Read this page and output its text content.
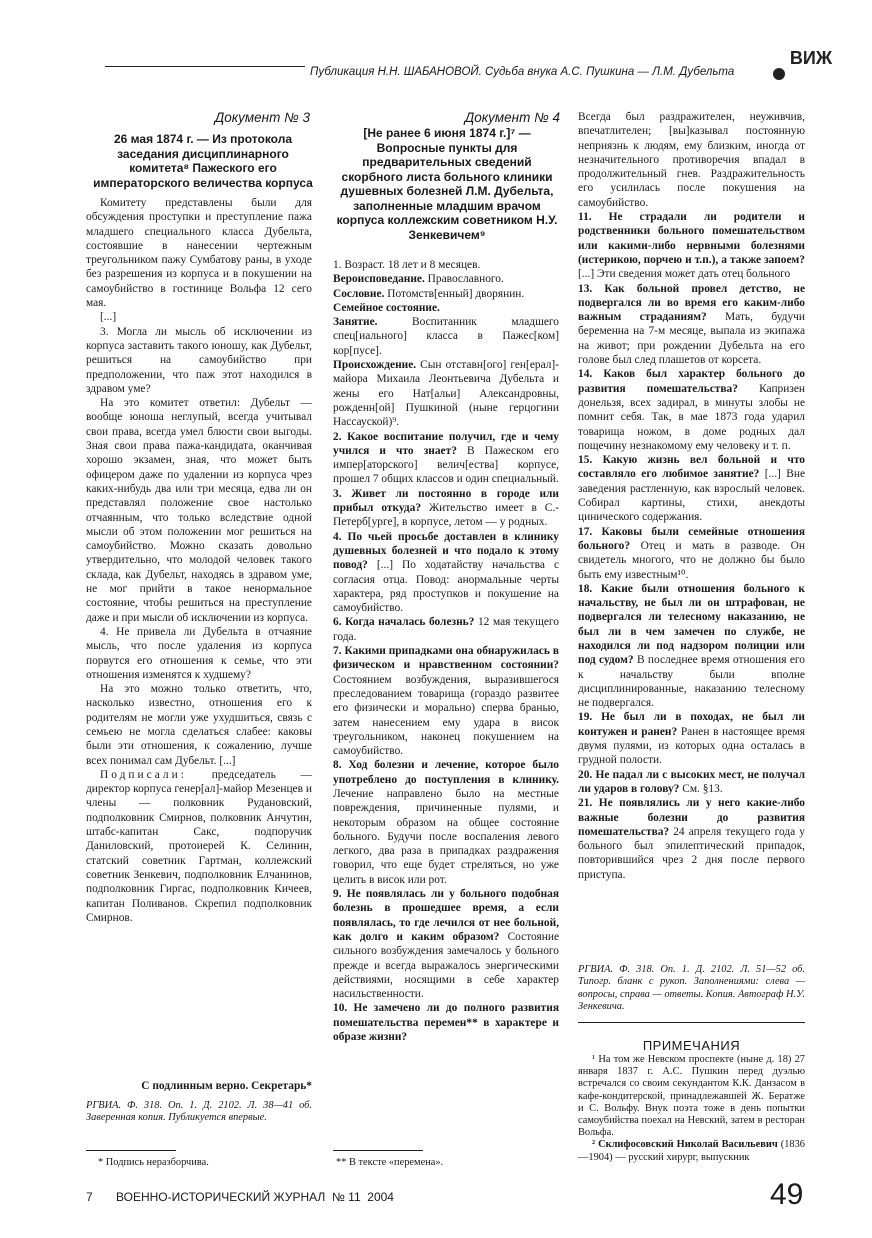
Публикация Н.Н. ШАБАНОВОЙ. Судьба внука А.С. Пушкина — Л.М. Дубельта
ВИЖ
Документ № 3
26 мая 1874 г. — Из протокола заседания дисциплинарного комитета⁸ Пажеского его императорского величества корпуса

Комитету представлены были для обсуждения проступки и преступление пажа младшего специального класса Дубельта, состоявшие в нанесении чертежным треугольником пажу Сумбатову раны, в уходе без разрешения из корпуса и в покушении на самоубийство в гостинице Вольфа 12 сего мая.

[...]

3. Могла ли мысль об исключении из корпуса заставить такого юношу, как Дубельт, решиться на самоубийство при предположении, что паж этот находился в здравом уме?

На это комитет ответил: Дубельт — вообще юноша неглупый, всегда учитывал свои права, всегда умел блюсти свои выгоды. Зная свои права пажа-кандидата, оканчивая хорошо экзамен, зная, что может быть офицером даже по удалении из корпуса чрез каких-нибудь два или три месяца, едва ли он представлял положение свое настолько отчаянным, что только вследствие одной мысли об этом положении мог решиться на самоубийство. Можно сказать довольно утвердительно, что молодой человек такого склада, как Дубельт, находясь в здравом уме, не мог прийти в такое ненормальное состояние, чтобы решиться на преступление даже и при мысли об исключении из корпуса.

4. Не привела ли Дубельта в отчаяние мысль, что после удаления из корпуса порвутся его отношения к семье, что эти отношения изменятся к худшему?

На это можно только ответить, что, насколько известно, отношения его к родителям не могли уже ухудшиться, связь с семьею не могла сделаться слабее: каковы были эти отношения, к сожалению, лучше всех понимал сам Дубельт. [...]

Подписали: председатель — директор корпуса генер[ал]-майор Мезенцев и члены — полковник Рудановский, подполковник Смирнов, полковник Анчутин, штабс-капитан Сакс, подпоручик Даниловский, протоиерей К. Селинин, статский советник Гартман, коллежский советник Зенкевич, подполковник Елчанинов, подполковник Гиргас, подполковник Кичеев, капитан Поливанов. Скрепил подполковник Смирнов.

С подлинным верно. Секретарь*
РГВИА. Ф. 318. Оп. 1. Д. 2102. Л. 38—41 об. Заверенная копия. Публикуется впервые.
* Подпись неразборчива.
Документ № 4
[Не ранее 6 июня 1874 г.]⁷ — Вопросные пункты для предварительных сведений скорбного листа больного клиники душевных болезней Л.М. Дубельта, заполненные младшим врачом корпуса коллежским советником Н.У. Зенкевичем⁹

1. Возраст. 18 лет и 8 месяцев.

Вероисповедание. Православного.

Сословие. Потомств[енный] дворянин.

Семейное состояние.

Занятие. Воспитанник младшего спец[иального] класса в Пажес[ком] кор[пусе].

Происхождение. Сын отставн[ого] ген[ерал]-майора Михаила Леонтьевича Дубельта и жены его Нат[альи] Александровны, рожденн[ой] Пушкиной (нынe герцогини Нассауской)⁹.

2. Какое воспитание получил, где и чему учился и что знает? В Пажеском его импер[аторского] велич[ества] корпусе, прошел 7 общих классов и один специальный.

3. Живет ли постоянно в городе или прибыл откуда? Жительство имеет в С.-Петерб[урге], в корпусе, летом — у родных.

4. По чьей просьбе доставлен в клинику душевных болезней и что подало к этому повод? [...] По ходатайству начальства с согласия отца. Повод: анормальные черты характера, ряд проступков и покушение на самоубийство.

6. Когда началась болезнь? 12 мая текущего года.

7. Какими припадками она обнаружилась в физическом и нравственном состоянии? Состоянием возбуждения, выразившегося преследованием товарища (гораздо развитее его физически и морально) сперва бранью, затем нанесением ему удара в висок треугольником, наконец покушением на самоубийство.

8. Ход болезни и лечение, которое было употреблено до поступления в клинику. Лечение направлено было на местные повреждения, причиненные пулями, и некоторым образом на общее состояние больного. Будучи после воспаления левого легкого, два раза в припадках раздражения говорил, что еще будет стреляться, но уже целить в висок или рот.

9. Не появлялась ли у больного подобная болезнь в прошедшее время, а если появлялась, то где лечился от нее больной, как долго и каким образом? Состояние сильного возбуждения замечалось у больного прежде и всегда выражалось энергическими действиями, носящими в себе характер насильственности.

10. Не замечено ли до полного развития помешательства перемен** в характере и образе жизни?

** В тексте «перемена».

Всегда был раздражителен, неуживчив, впечатлителен; [вы]казывал постоянную неприязнь к людям, ему близким, иногда от незначительного противоречия впадал в продолжительный гнев. Раздражительность его усилилась после покушения на самоубийство.

11. Не страдали ли родители и родственники больного помешательством или какими-либо нервными болезнями (истерикою, порчею и т.п.), а также запоем? [...] Эти сведения может дать отец больного

13. Как больной провел детство, не подвергался ли во время его каким-либо важным страданиям? Мать, будучи беременна на 7-м месяце, выпала из экипажа на живот; при рождении Дубельта на его голове был след плашетов от корсета.

14. Каков был характер больного до развития помешательства? Капризен донельзя, всех задирал, в минуты злобы не помнит себя. Так, в мае 1873 года ударил товарища ножом, в доме родных дал пощечину незнакомому ему человеку и т. п.

15. Какую жизнь вел больной и что составляло его любимое занятие? [...] Вне заведения растленную, как взрослый человек. Собирал картины, стихи, анекдоты цинического содержания.

17. Каковы были семейные отношения больного? Отец и мать в разводе. Он свидетель многого, что не должно бы было быть ему известным¹⁰.

18. Какие были отношения больного к начальству, не был ли он штрафован, не подвергался ли телесному наказанию, не был ли в чем замечен по службе, не находился ли под надзором полиции или под судом? В последнее время отношения его к начальству были вполне дисциплинированные, наказанию телесному не подвергался.

19. Не был ли в походах, не был ли контужен и ранен? Ранен в настоящее время двумя пулями, из которых одна осталась в грудной полости.

20. Не падал ли с высоких мест, не получал ли ударов в голову? См. §13.

21. Не появлялись ли у него какие-либо важные болезни до развития помешательства? 24 апреля текущего года у больного был эпилептический припадок, повторившийся чрез 2 дня после первого приступа.

РГВИА. Ф. 318. Оп. 1. Д. 2102. Л. 51—52 об. Типогр. бланк с рукоп. Заполнениями: слева — вопросы, справа — ответы. Копия. Автограф Н.У. Зенкевича.
ПРИМЕЧАНИЯ

¹ На том же Невском проспекте (ныне д. 18) 27 января 1837 г. А.С. Пушкин перед дуэлью встречался со своим секундантом К.К. Данзасом в кафе-кондитерской, принадлежавшей Ж. Бератже и С. Вольфу. Внук поэта тоже в день попытки самоубийства поехал на Невский, затем в ресторан Вольфа.

² Склифосовский Николай Васильевич (1836—1904) — русский хирург, выпускник

7       ВОЕННО-ИСТОРИЧЕСКИЙ ЖУРНАЛ  № 11  2004	49
